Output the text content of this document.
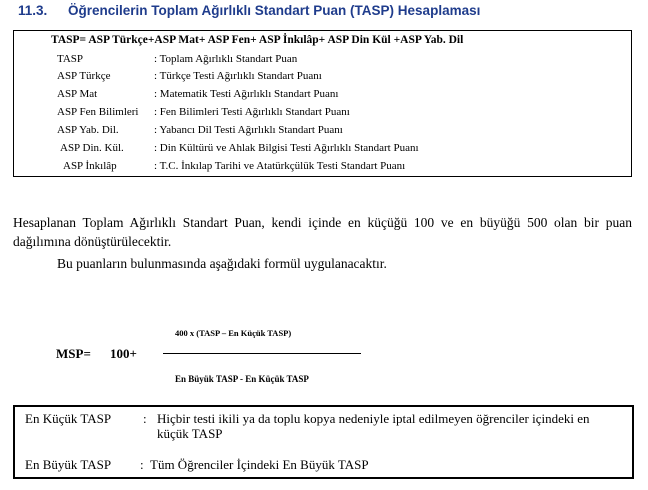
11.3. Öğrencilerin Toplam Ağırlıklı Standart Puan (TASP) Hesaplaması
TASP= ASP Türkçe+ASP Mat+ ASP Fen+ ASP İnkılâp+ ASP Din Kül +ASP Yab. Dil
TASP	: Toplam Ağırlıklı Standart Puan
ASP Türkçe	: Türkçe Testi Ağırlıklı Standart Puanı
ASP Mat	: Matematik Testi Ağırlıklı Standart Puanı
ASP Fen Bilimleri : Fen Bilimleri Testi Ağırlıklı Standart Puanı
ASP Yab. Dil.	: Yabancı Dil Testi Ağırlıklı Standart Puanı
ASP Din. Kül.	: Din Kültürü ve Ahlak Bilgisi Testi Ağırlıklı Standart Puanı
ASP İnkılâp	: T.C. İnkılap Tarihi ve Atatürkçülük Testi Standart Puanı
Hesaplanan Toplam Ağırlıklı Standart Puan, kendi içinde en küçüğü 100 ve en büyüğü 500 olan bir puan dağılımına dönüştürülecektir.
Bu puanların bulunmasında aşağıdaki formül uygulanacaktır.
MSP= 100+
400 x (TASP – En Küçük TASP)
En Büyük TASP - En Küçük TASP
En Küçük TASP : Hiçbir testi ikili ya da toplu kopya nedeniyle iptal edilmeyen öğrenciler içindeki en küçük TASP
En Büyük TASP : Tüm Öğrenciler İçindeki En Büyük TASP
